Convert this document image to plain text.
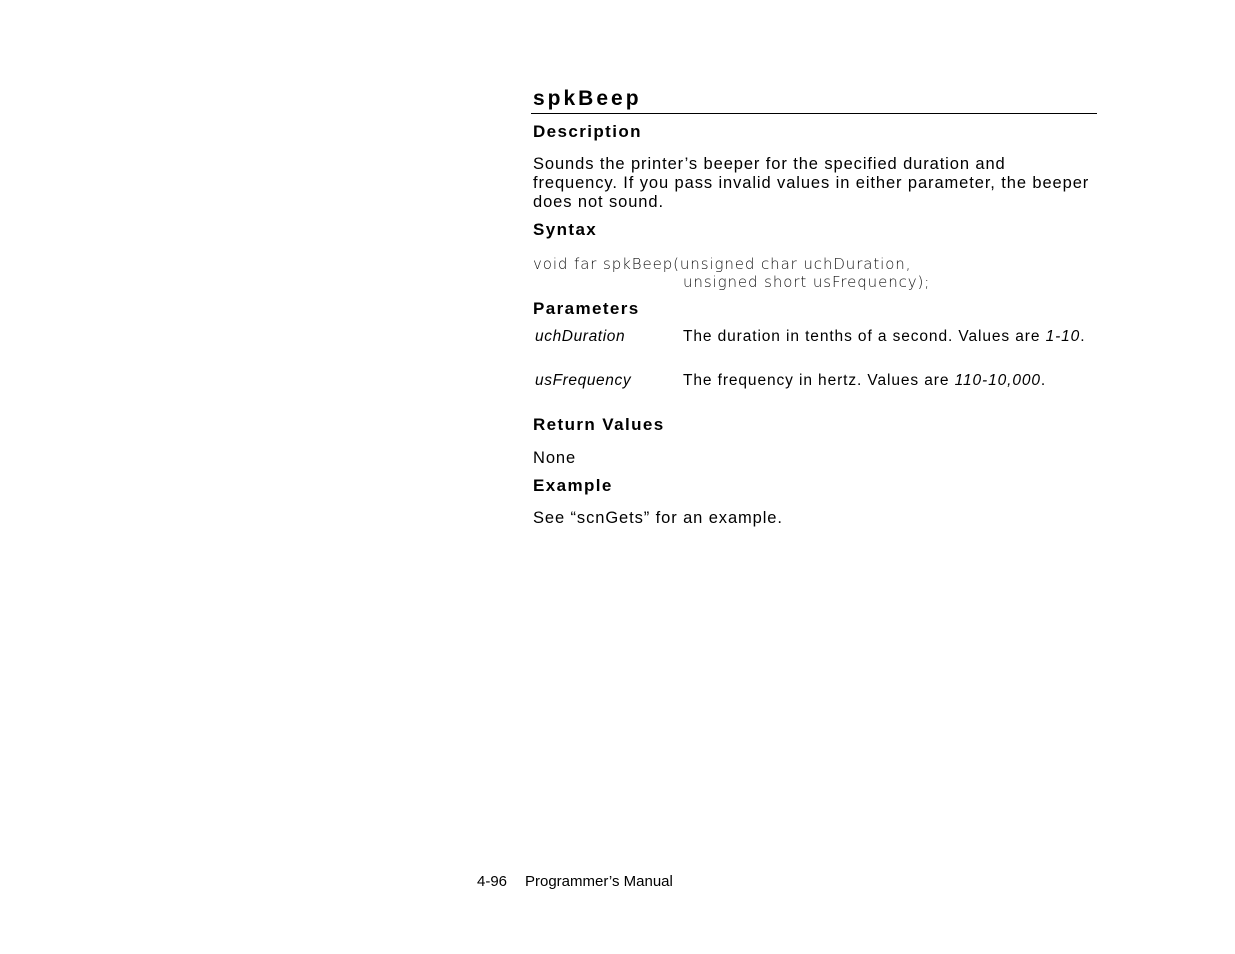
spkBeep
Description

Sounds the printer’s beeper for the specified duration and frequency. If you pass invalid values in either parameter, the beeper does not sound.

Syntax
void far spkBeep(unsigned char uchDuration,
unsigned short usFrequency);
Parameters
uchDuration	The duration in tenths of a second. Values are 1-10.
usFrequency	The frequency in hertz. Values are 110-10,000.
Return Values

None

Example

See “scnGets” for an example.

4-96 Programmer’s Manual
